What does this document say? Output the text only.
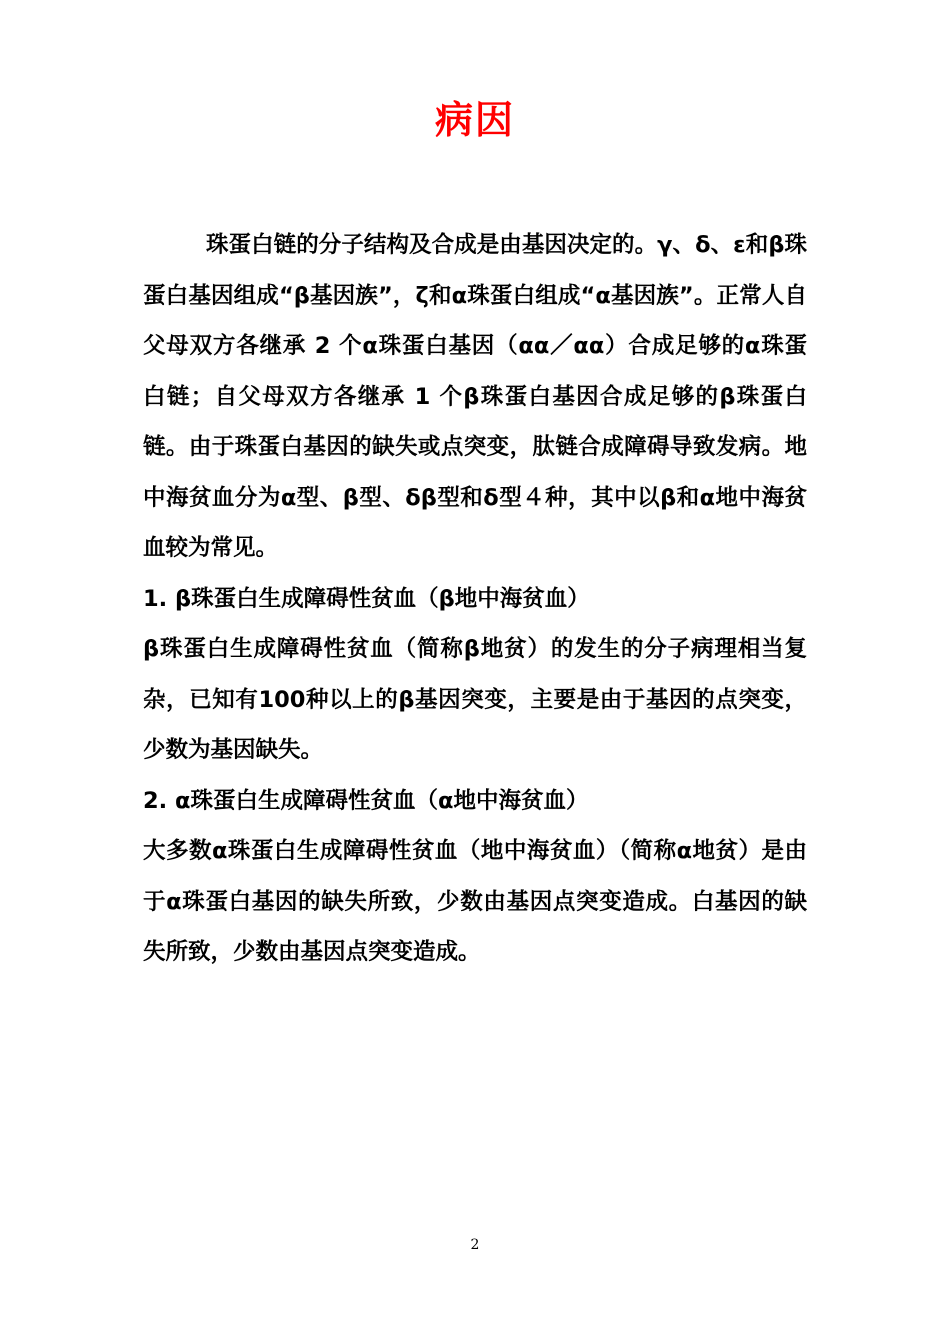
病因

珠蛋白链的分子结构及合成是由基因决定的。γ、δ、ε和β珠蛋白基因组成“β基因族”，ζ和α珠蛋白组成“α基因族”。正常人自父母双方各继承 2 个α珠蛋白基因（αα／αα）合成足够的α珠蛋白链；自父母双方各继承 1 个β珠蛋白基因合成足够的β珠蛋白链。由于珠蛋白基因的缺失或点突变，肽链合成障碍导致发病。地中海贫血分为α型、β型、δβ型和δ型４种，其中以β和α地中海贫血较为常见。

1. β珠蛋白生成障碍性贫血（β地中海贫血）

β珠蛋白生成障碍性贫血（简称β地贫）的发生的分子病理相当复杂，已知有100种以上的β基因突变，主要是由于基因的点突变，少数为基因缺失。

2. α珠蛋白生成障碍性贫血（α地中海贫血）

大多数α珠蛋白生成障碍性贫血（地中海贫血）（简称α地贫）是由于α珠蛋白基因的缺失所致，少数由基因点突变造成。白基因的缺失所致，少数由基因点突变造成。

2
